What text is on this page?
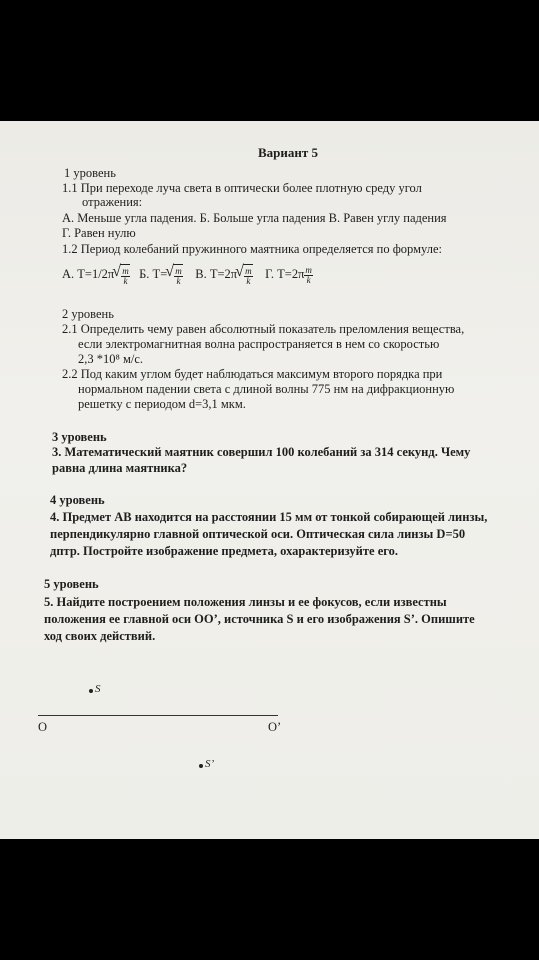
Вариант 5
1 уровень
1.1 При переходе луча света в оптически более плотную среду угол
отражения:
А. Меньше угла падения. Б. Больше угла падения В. Равен углу падения
Г. Равен нулю
1.2 Период колебаний пружинного маятника определяется по формуле:
А. Т=1/2π √ $\frac{m}{k} Б$. Т= √ $\frac{m}{k} В$. Т=2π √ $\frac{m}{k} Г$. $Т=2\pi \frac{m}{k}$
2 уровень
2.1 Определить чему равен абсолютный показатель преломления вещества,
если электромагнитная волна распространяется в нем со скоростью
2,3 *10⁸ м/с.
2.2 Под каким углом будет наблюдаться максимум второго порядка при
нормальном падении света с длиной волны 775 нм на дифракционную
решетку с периодом d=3,1 мкм.
3 уровень
3. Математический маятник совершил 100 колебаний за 314 секунд. Чему
равна длина маятника?
4 уровень
4. Предмет АВ находится на расстоянии 15 мм от тонкой собирающей линзы,
перпендикулярно главной оптической оси. Оптическая сила линзы D=50
дптр. Постройте изображение предмета, охарактеризуйте его.
5 уровень
5. Найдите построением положения линзы и ее фокусов, если известны
положения ее главной оси ОО’, источника S и его изображения S’. Опишите
ход своих действий.
S
О	О’
S’
